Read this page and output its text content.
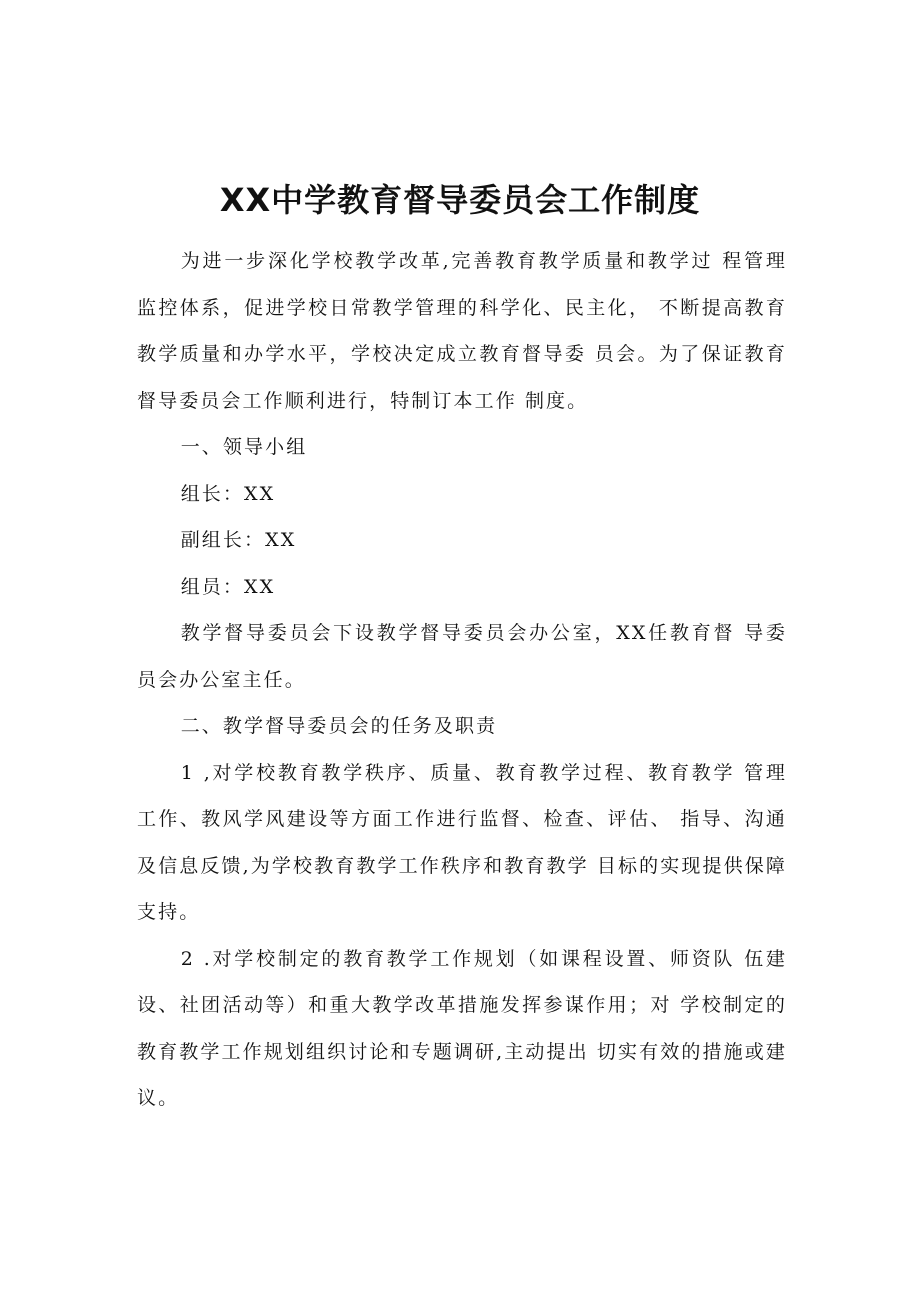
XX中学教育督导委员会工作制度

为进一步深化学校教学改革,完善教育教学质量和教学过 程管理监控体系，促进学校日常教学管理的科学化、民主化， 不断提高教育教学质量和办学水平，学校决定成立教育督导委 员会。为了保证教育督导委员会工作顺利进行，特制订本工作 制度。

一、领导小组

组长：XX

副组长：XX

组员：XX

教学督导委员会下设教学督导委员会办公室，XX任教育督 导委员会办公室主任。

二、教学督导委员会的任务及职责

1 ,对学校教育教学秩序、质量、教育教学过程、教育教学 管理工作、教风学风建设等方面工作进行监督、检查、评估、 指导、沟通及信息反馈,为学校教育教学工作秩序和教育教学 目标的实现提供保障支持。

2 .对学校制定的教育教学工作规划（如课程设置、师资队 伍建设、社团活动等）和重大教学改革措施发挥参谋作用；对 学校制定的教育教学工作规划组织讨论和专题调研,主动提出 切实有效的措施或建议。
